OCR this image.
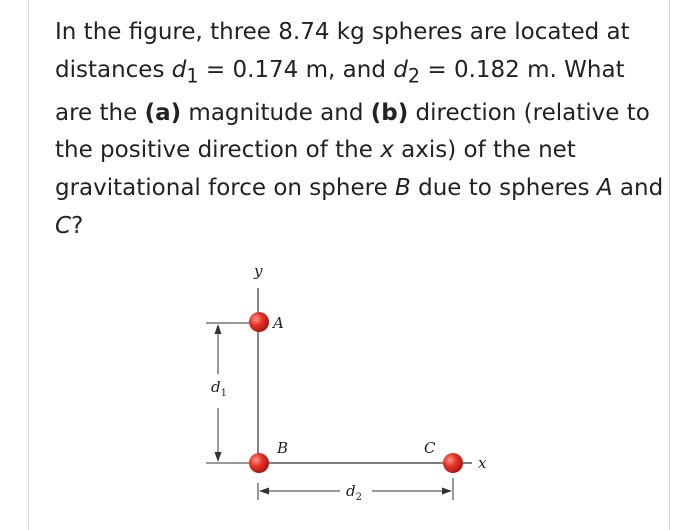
In the figure, three 8.74 kg spheres are located at distances $d_1 = 0.174$ m, and $d_2 = 0.182$ m. What are the (a) magnitude and (b) direction (relative to the positive direction of the x axis) of the net gravitational force on sphere B due to spheres A and C?

y
x
$d_1$
$d_2$
A
B	C
